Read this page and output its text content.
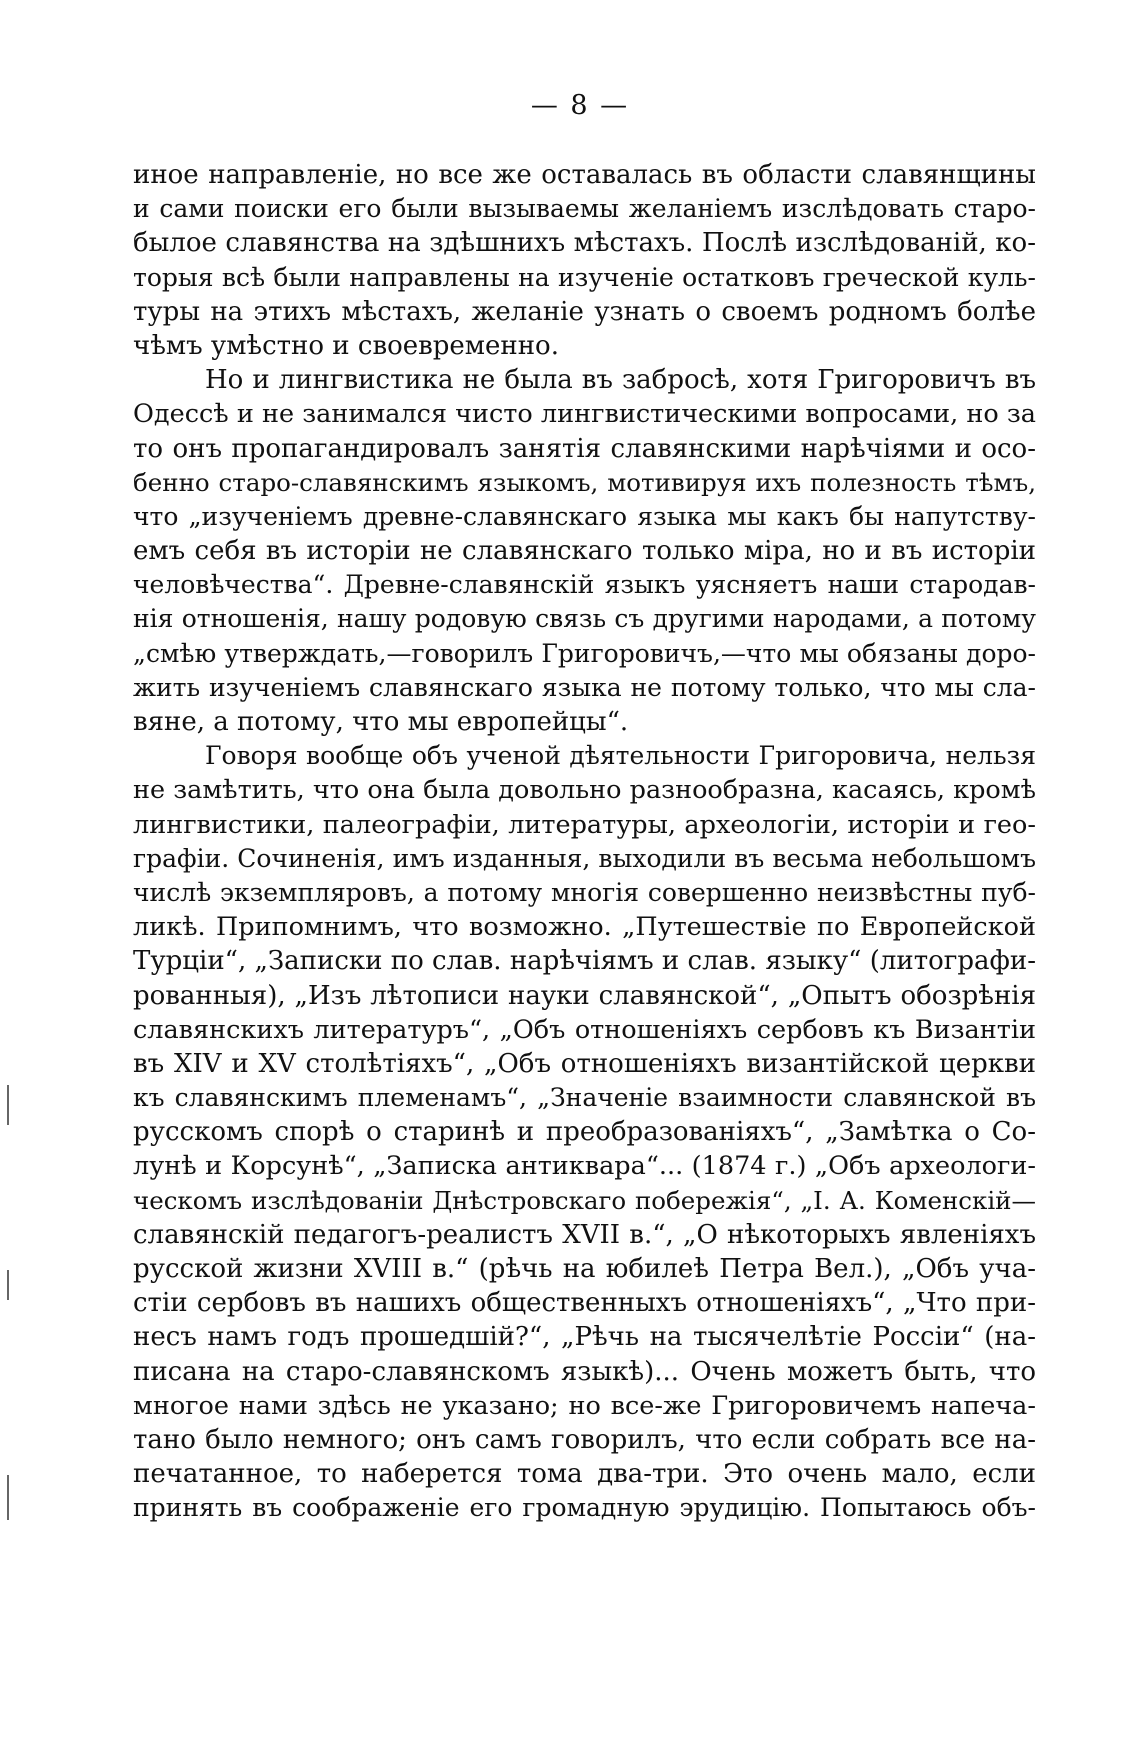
— 8 —
иное направленіе, но все же оставалась въ области славянщины
и сами поиски его были вызываемы желаніемъ изслѣдовать старо-
былое славянства на здѣшнихъ мѣстахъ. Послѣ изслѣдованій, ко-
торыя всѣ были направлены на изученіе остатковъ греческой куль-
туры на этихъ мѣстахъ, желаніе узнать о своемъ родномъ болѣе
чѣмъ умѣстно и своевременно.
Но и лингвистика не была въ забросѣ, хотя Григоровичъ въ
Одессѣ и не занимался чисто лингвистическими вопросами, но за
то онъ пропагандировалъ занятія славянскими нарѣчіями и осо-
бенно старо-славянскимъ языкомъ, мотивируя ихъ полезность тѣмъ,
что „изученіемъ древне-славянскаго языка мы какъ бы напутству-
емъ себя въ исторіи не славянскаго только міра, но и въ исторіи
человѣчества“. Древне-славянскій языкъ уясняетъ наши стародав-
нія отношенія, нашу родовую связь съ другими народами, а потому
„смѣю утверждать,—говорилъ Григоровичъ,—что мы обязаны доро-
жить изученіемъ славянскаго языка не потому только, что мы сла-
вяне, а потому, что мы европейцы“.
Говоря вообще объ ученой дѣятельности Григоровича, нельзя
не замѣтить, что она была довольно разнообразна, касаясь, кромѣ
лингвистики, палеографіи, литературы, археологіи, исторіи и гео-
графіи. Сочиненія, имъ изданныя, выходили въ весьма небольшомъ
числѣ экземпляровъ, а потому многія совершенно неизвѣстны пуб-
ликѣ. Припомнимъ, что возможно. „Путешествіе по Европейской
Турціи“, „Записки по слав. нарѣчіямъ и слав. языку“ (литографи-
рованныя), „Изъ лѣтописи науки славянской“, „Опытъ обозрѣнія
славянскихъ литературъ“, „Объ отношеніяхъ сербовъ къ Византіи
въ XIV и XV столѣтіяхъ“, „Объ отношеніяхъ византійской церкви
къ славянскимъ племенамъ“, „Значеніе взаимности славянской въ
русскомъ спорѣ о старинѣ и преобразованіяхъ“, „Замѣтка о Со-
лунѣ и Корсунѣ“, „Записка антиквара“... (1874 г.) „Объ археологи-
ческомъ изслѣдованіи Днѣстровскаго побережія“, „I. А. Коменскій—
славянскій педагогъ-реалистъ XVII в.“, „О нѣкоторыхъ явленіяхъ
русской жизни XVIII в.“ (рѣчь на юбилеѣ Петра Вел.), „Объ уча-
стіи сербовъ въ нашихъ общественныхъ отношеніяхъ“, „Что при-
несъ намъ годъ прошедшій?“, „Рѣчь на тысячелѣтіе Россіи“ (на-
писана на старо-славянскомъ языкѣ)... Очень можетъ быть, что
многое нами здѣсь не указано; но все-же Григоровичемъ напеча-
тано было немного; онъ самъ говорилъ, что если собрать все на-
печатанное, то наберется тома два-три. Это очень мало, если
принять въ соображеніе его громадную эрудицію. Попытаюсь объ-
